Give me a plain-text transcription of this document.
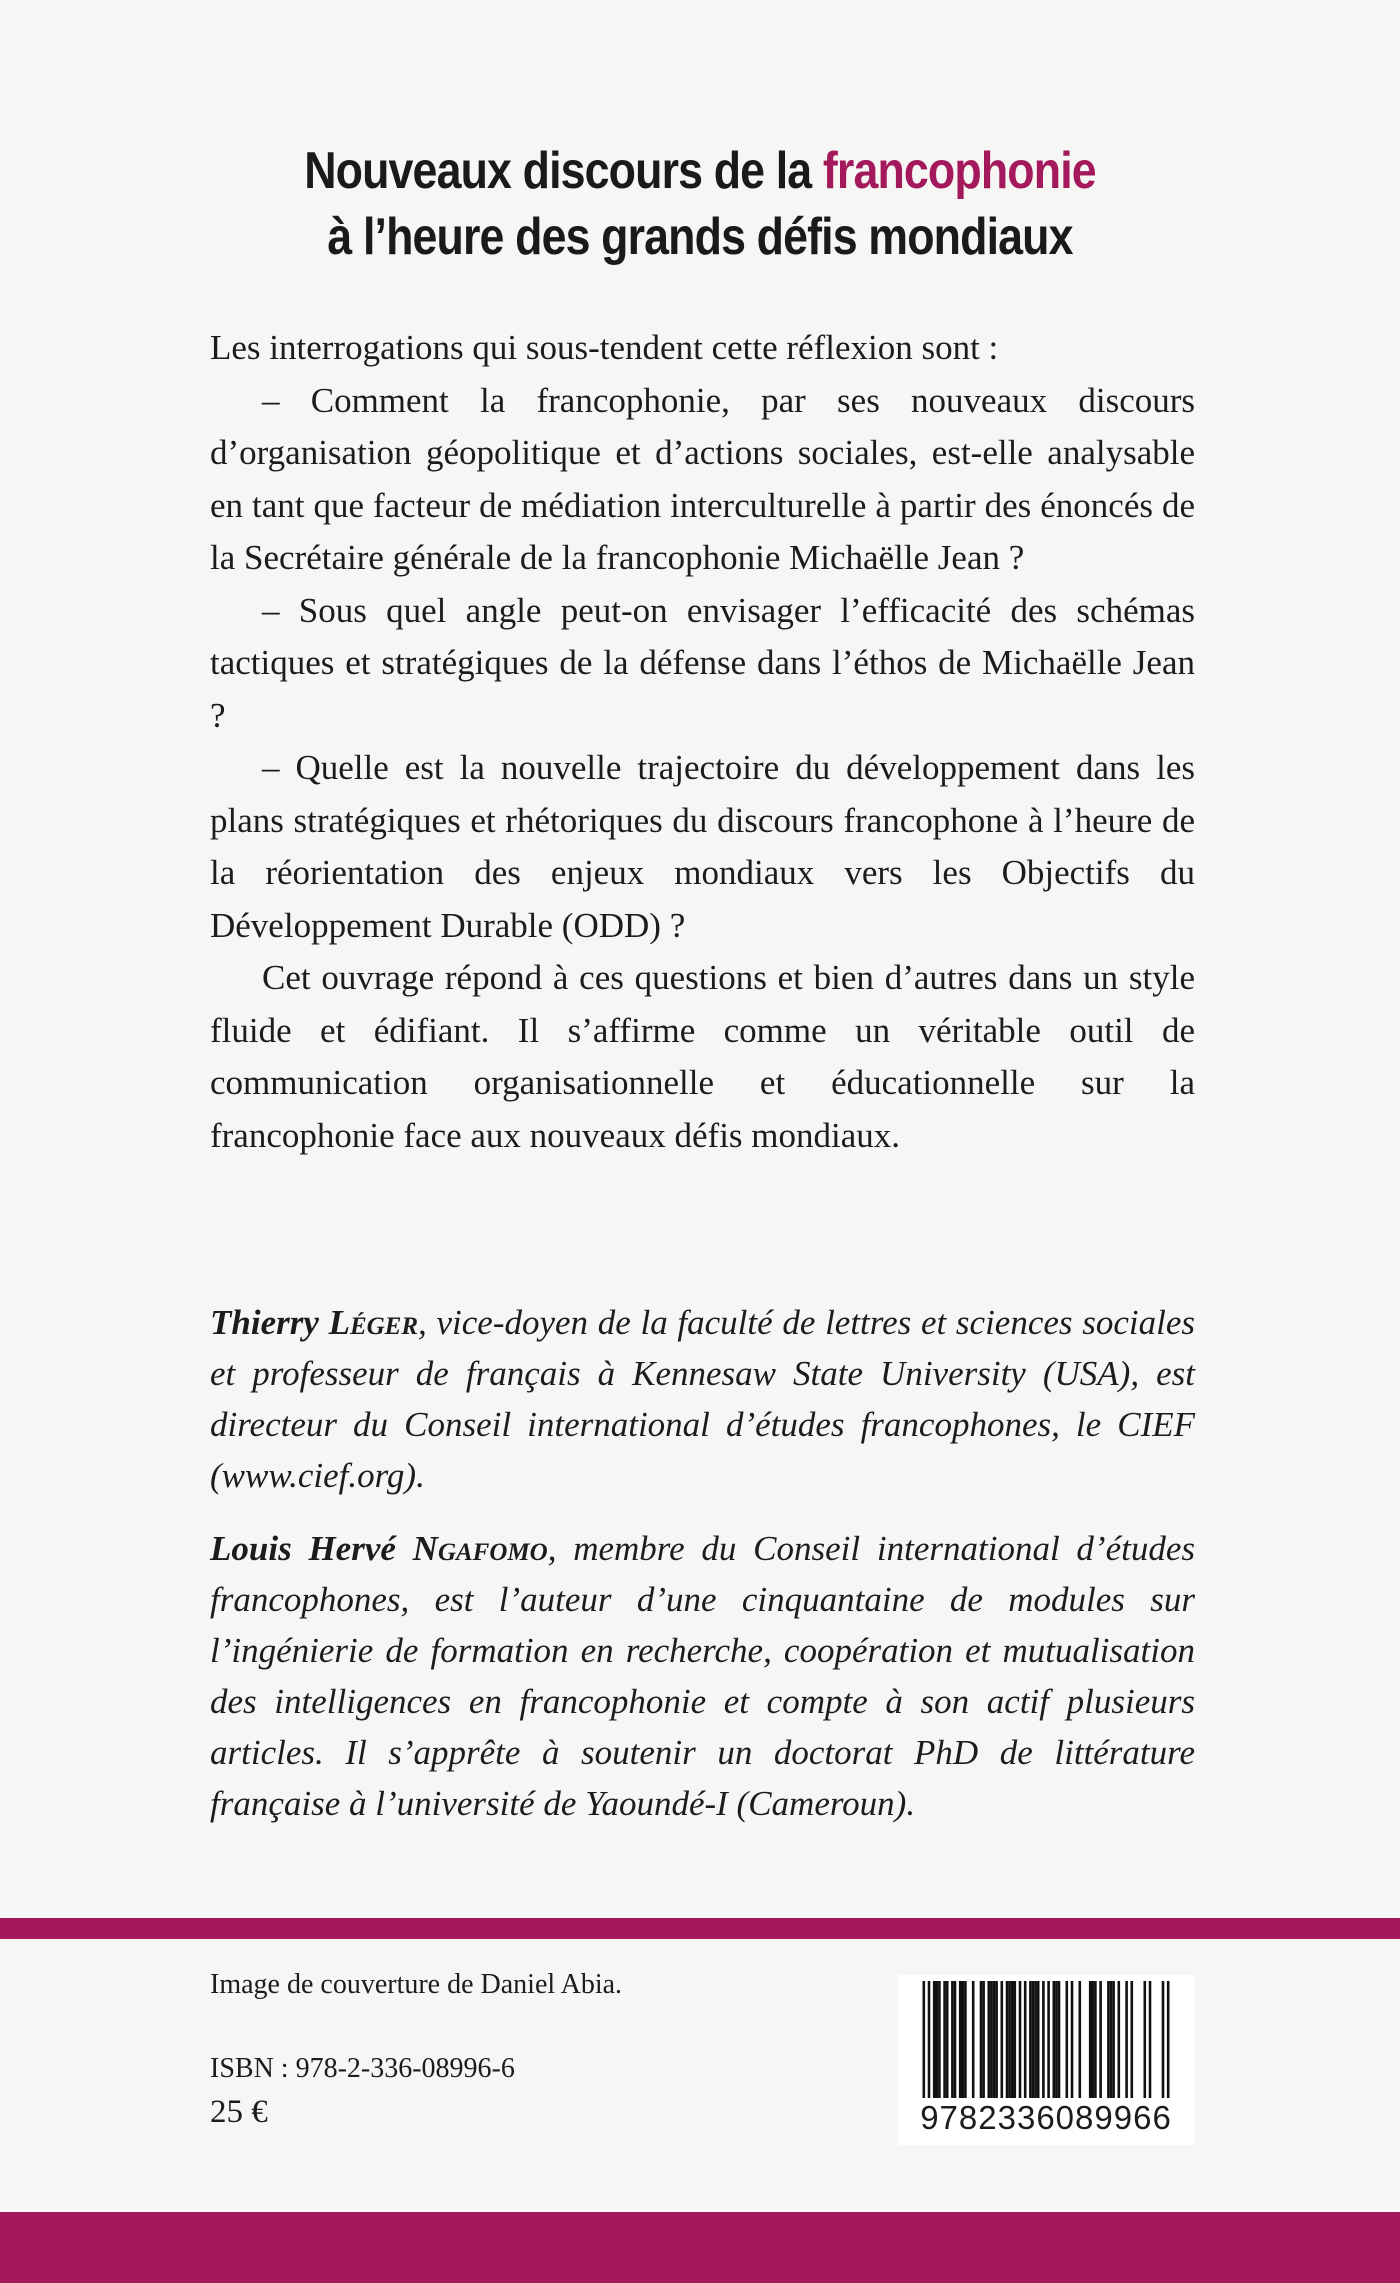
Nouveaux discours de la francophonie
à l’heure des grands défis mondiaux

Les interrogations qui sous-tendent cette réflexion sont :

– Comment la francophonie, par ses nouveaux discours d’organisation géopolitique et d’actions sociales, est-elle analysable en tant que facteur de médiation interculturelle à partir des énoncés de la Secrétaire générale de la francophonie Michaëlle Jean ?

– Sous quel angle peut-on envisager l’efficacité des schémas tactiques et stratégiques de la défense dans l’éthos de Michaëlle Jean ?

– Quelle est la nouvelle trajectoire du développement dans les plans stratégiques et rhétoriques du discours francophone à l’heure de la réorientation des enjeux mondiaux vers les Objectifs du Développement Durable (ODD) ?

Cet ouvrage répond à ces questions et bien d’autres dans un style fluide et édifiant. Il s’affirme comme un véritable outil de communication organisationnelle et éducationnelle sur la francophonie face aux nouveaux défis mondiaux.

Thierry Léger, vice-doyen de la faculté de lettres et sciences sociales et professeur de français à Kennesaw State University (USA), est directeur du Conseil international d’études francophones, le CIEF (www.cief.org).

Louis Hervé Ngafomo, membre du Conseil international d’études francophones, est l’auteur d’une cinquantaine de modules sur l’ingénierie de formation en recherche, coopération et mutualisation des intelligences en francophonie et compte à son actif plusieurs articles. Il s’apprête à soutenir un doctorat PhD de littérature française à l’université de Yaoundé-I (Cameroun).

Image de couverture de Daniel Abia.
ISBN : 978-2-336-08996-6
25 €	9782336089966
